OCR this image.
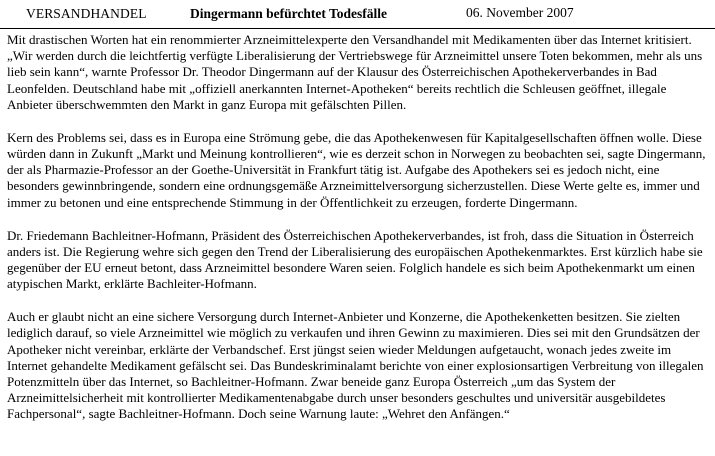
VERSANDHANDEL	Dingermann befürchtet Todesfälle	06. November 2007

Mit drastischen Worten hat ein renommierter Arzneimittelexperte den Versandhandel mit Medikamenten über das Internet kritisiert. „Wir werden durch die leichtfertig verfügte Liberalisierung der Vertriebswege für Arzneimittel unsere Toten bekommen, mehr als uns lieb sein kann“, warnte Professor Dr. Theodor Dingermann auf der Klausur des Österreichischen Apothekerverbandes in Bad Leonfelden. Deutschland habe mit „offiziell anerkannten Internet-Apotheken“ bereits rechtlich die Schleusen geöffnet, illegale Anbieter überschwemmten den Markt in ganz Europa mit gefälschten Pillen.

Kern des Problems sei, dass es in Europa eine Strömung gebe, die das Apothekenwesen für Kapitalgesellschaften öffnen wolle. Diese würden dann in Zukunft „Markt und Meinung kontrollieren“, wie es derzeit schon in Norwegen zu beobachten sei, sagte Dingermann, der als Pharmazie-Professor an der Goethe-Universität in Frankfurt tätig ist. Aufgabe des Apothekers sei es jedoch nicht, eine besonders gewinnbringende, sondern eine ordnungsgemäße Arzneimittelversorgung sicherzustellen. Diese Werte gelte es, immer und immer zu betonen und eine entsprechende Stimmung in der Öffentlichkeit zu erzeugen, forderte Dingermann.

Dr. Friedemann Bachleitner-Hofmann, Präsident des Österreichischen Apothekerverbandes, ist froh, dass die Situation in Österreich anders ist. Die Regierung wehre sich gegen den Trend der Liberalisierung des europäischen Apothekenmarktes. Erst kürzlich habe sie gegenüber der EU erneut betont, dass Arzneimittel besondere Waren seien. Folglich handele es sich beim Apothekenmarkt um einen atypischen Markt, erklärte Bachleiter-Hofmann.

Auch er glaubt nicht an eine sichere Versorgung durch Internet-Anbieter und Konzerne, die Apothekenketten besitzen. Sie zielten lediglich darauf, so viele Arzneimittel wie möglich zu verkaufen und ihren Gewinn zu maximieren. Dies sei mit den Grundsätzen der Apotheker nicht vereinbar, erklärte der Verbandschef. Erst jüngst seien wieder Meldungen aufgetaucht, wonach jedes zweite im Internet gehandelte Medikament gefälscht sei. Das Bundeskriminalamt berichte von einer explosionsartigen Verbreitung von illegalen Potenzmitteln über das Internet, so Bachleitner-Hofmann. Zwar beneide ganz Europa Österreich „um das System der Arzneimittelsicherheit mit kontrollierter Medikamentenabgabe durch unser besonders geschultes und universitär ausgebildetes Fachpersonal“, sagte Bachleitner-Hofmann. Doch seine Warnung laute: „Wehret den Anfängen.“
